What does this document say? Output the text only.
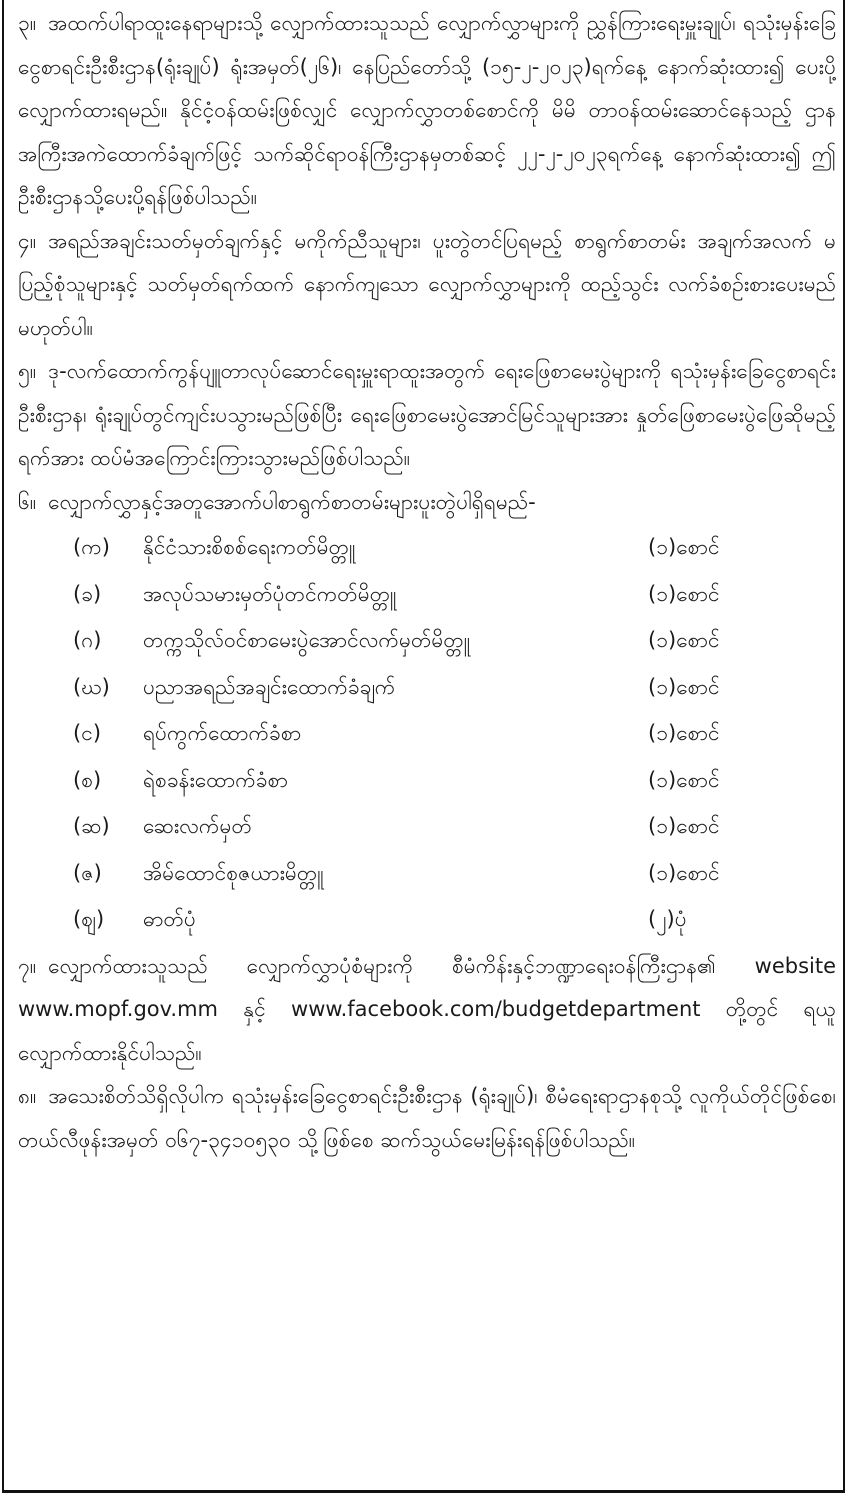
၃။ အထက်ပါရာထူးနေရာများသို့ လျှောက်ထားသူသည် လျှောက်လွှာများကို ညွှန်ကြားရေးမှူးချုပ်၊ ရသုံးမှန်းခြေငွေစာရင်းဦးစီးဌာန(ရုံးချုပ်) ရုံးအမှတ်(၂၆)၊ နေပြည်တော်သို့ (၁၅-၂-၂၀၂၃)ရက်နေ့ နောက်ဆုံးထား၍ ပေးပို့လျှောက်ထားရမည်။ နိုင်ငံ့ဝန်ထမ်းဖြစ်လျှင် လျှောက်လွှာတစ်စောင်ကို မိမိ တာဝန်ထမ်းဆောင်နေသည့် ဌာနအကြီးအကဲထောက်ခံချက်ဖြင့် သက်ဆိုင်ရာဝန်ကြီးဌာနမှတစ်ဆင့် ၂၂-၂-၂၀၂၃ရက်နေ့ နောက်ဆုံးထား၍ ဤဦးစီးဌာနသို့ပေးပို့ရန်ဖြစ်ပါသည်။
၄။ အရည်အချင်းသတ်မှတ်ချက်နှင့် မကိုက်ညီသူများ၊ ပူးတွဲတင်ပြရမည့် စာရွက်စာတမ်း အချက်အလက် မပြည့်စုံသူများနှင့် သတ်မှတ်ရက်ထက် နောက်ကျသော လျှောက်လွှာများကို ထည့်သွင်း လက်ခံစဉ်းစားပေးမည် မဟုတ်ပါ။
၅။ ဒု-လက်ထောက်ကွန်ပျူတာလုပ်ဆောင်ရေးမှူးရာထူးအတွက် ရေးဖြေစာမေးပွဲများကို ရသုံးမှန်းခြေငွေစာရင်းဦးစီးဌာန၊ ရုံးချုပ်တွင်ကျင်းပသွားမည်ဖြစ်ပြီး ရေးဖြေစာမေးပွဲအောင်မြင်သူများအား နှုတ်ဖြေစာမေးပွဲဖြေဆိုမည့်ရက်အား ထပ်မံအကြောင်းကြားသွားမည်ဖြစ်ပါသည်။
၆။ လျှောက်လွှာနှင့်အတူအောက်ပါစာရွက်စာတမ်းများပူးတွဲပါရှိရမည်-
(က)	နိုင်ငံသားစိစစ်ရေးကတ်မိတ္တူ	(၁)စောင်
(ခ)	အလုပ်သမားမှတ်ပုံတင်ကတ်မိတ္တူ	(၁)စောင်
(ဂ)	တက္ကသိုလ်ဝင်စာမေးပွဲအောင်လက်မှတ်မိတ္တူ	(၁)စောင်
(ဃ)	ပညာအရည်အချင်းထောက်ခံချက်	(၁)စောင်
(င)	ရပ်ကွက်ထောက်ခံစာ	(၁)စောင်
(စ)	ရဲစခန်းထောက်ခံစာ	(၁)စောင်
(ဆ)	ဆေးလက်မှတ်	(၁)စောင်
(ဇ)	အိမ်ထောင်စုဇယားမိတ္တူ	(၁)စောင်
(ဈ)	ဓာတ်ပုံ	(၂)ပုံ
၇။ လျှောက်ထားသူသည် လျှောက်လွှာပုံစံများကို စီမံကိန်းနှင့်ဘဏ္ဍာရေးဝန်ကြီးဌာန၏ website www.mopf.gov.mm နှင့် www.facebook.com/budgetdepartment တို့တွင် ရယူလျှောက်ထားနိုင်ပါသည်။
၈။ အသေးစိတ်သိရှိလိုပါက ရသုံးမှန်းခြေငွေစာရင်းဦးစီးဌာန (ရုံးချုပ်)၊ စီမံရေးရာဌာနစုသို့ လူကိုယ်တိုင်ဖြစ်စေ၊ တယ်လီဖုန်းအမှတ် ၀၆၇-၃၄၁၀၅၃၀ သို့ဖြစ်စေ ဆက်သွယ်မေးမြန်းရန်ဖြစ်ပါသည်။
